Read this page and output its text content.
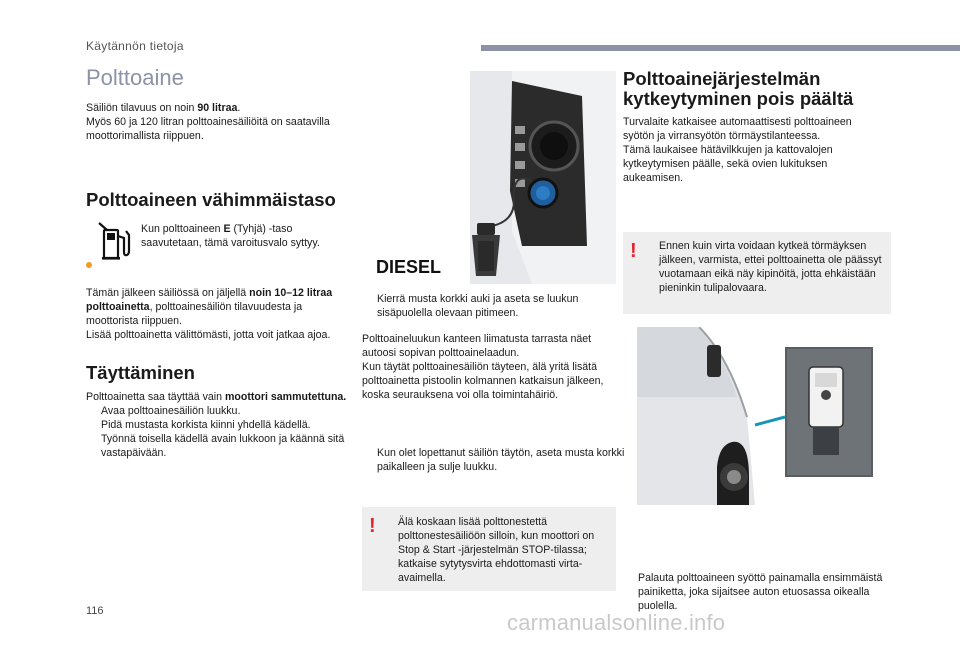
Käytännön tietoja
Polttoaine

Säiliön tilavuus on noin 90 litraa.

Myös 60 ja 120 litran polttoainesäiliöitä on saatavilla moottorimallista riippuen.

Polttoaineen vähimmäistaso
Kun polttoaineen E (Tyhjä) -taso saavutetaan, tämä varoitusvalo syttyy.

Tämän jälkeen säiliössä on jäljellä noin 10–12 litraa polttoainetta, polttoainesäiliön tilavuudesta ja moottorista riippuen.

Lisää polttoainetta välittömästi, jotta voit jatkaa ajoa.

Täyttäminen

Polttoainetta saa täyttää vain moottori sammutettuna.

Avaa polttoainesäiliön luukku.
Pidä mustasta korkista kiinni yhdellä kädellä.
Työnnä toisella kädellä avain lukkoon ja käännä sitä vastapäivään.
DIESEL
Kierrä musta korkki auki ja aseta se luukun sisäpuolella olevaan pitimeen.
Polttoaineluukun kanteen liimatusta tarrasta näet autoosi sopivan polttoainelaadun.
Kun täytät polttoainesäiliön täyteen, älä yritä lisätä polttoainetta pistoolin kolmannen katkaisun jälkeen, koska seurauksena voi olla toimintahäiriö.
Kun olet lopettanut säiliön täytön, aseta musta korkki paikalleen ja sulje luukku.
! Älä koskaan lisää polttonestettä polttonestesäiliöön silloin, kun moottori on Stop & Start -järjestelmän STOP-tilassa; katkaise sytytysvirta ehdottomasti virta-avaimella.
Polttoainejärjestelmän kytkeytyminen pois päältä
Turvalaite katkaisee automaattisesti polttoaineen syötön ja virransyötön törmäystilanteessa.
Tämä laukaisee hätävilkkujen ja kattovalojen kytkeytymisen päälle, sekä ovien lukituksen aukeamisen.
! Ennen kuin virta voidaan kytkeä törmäyksen jälkeen, varmista, ettei polttoainetta ole päässyt vuotamaan eikä näy kipinöitä, jotta ehkäistään pieninkin tulipalovaara.
Palauta polttoaineen syöttö painamalla ensimmäistä painiketta, joka sijaitsee auton etuosassa oikealla puolella.
116	carmanualsonline.info
